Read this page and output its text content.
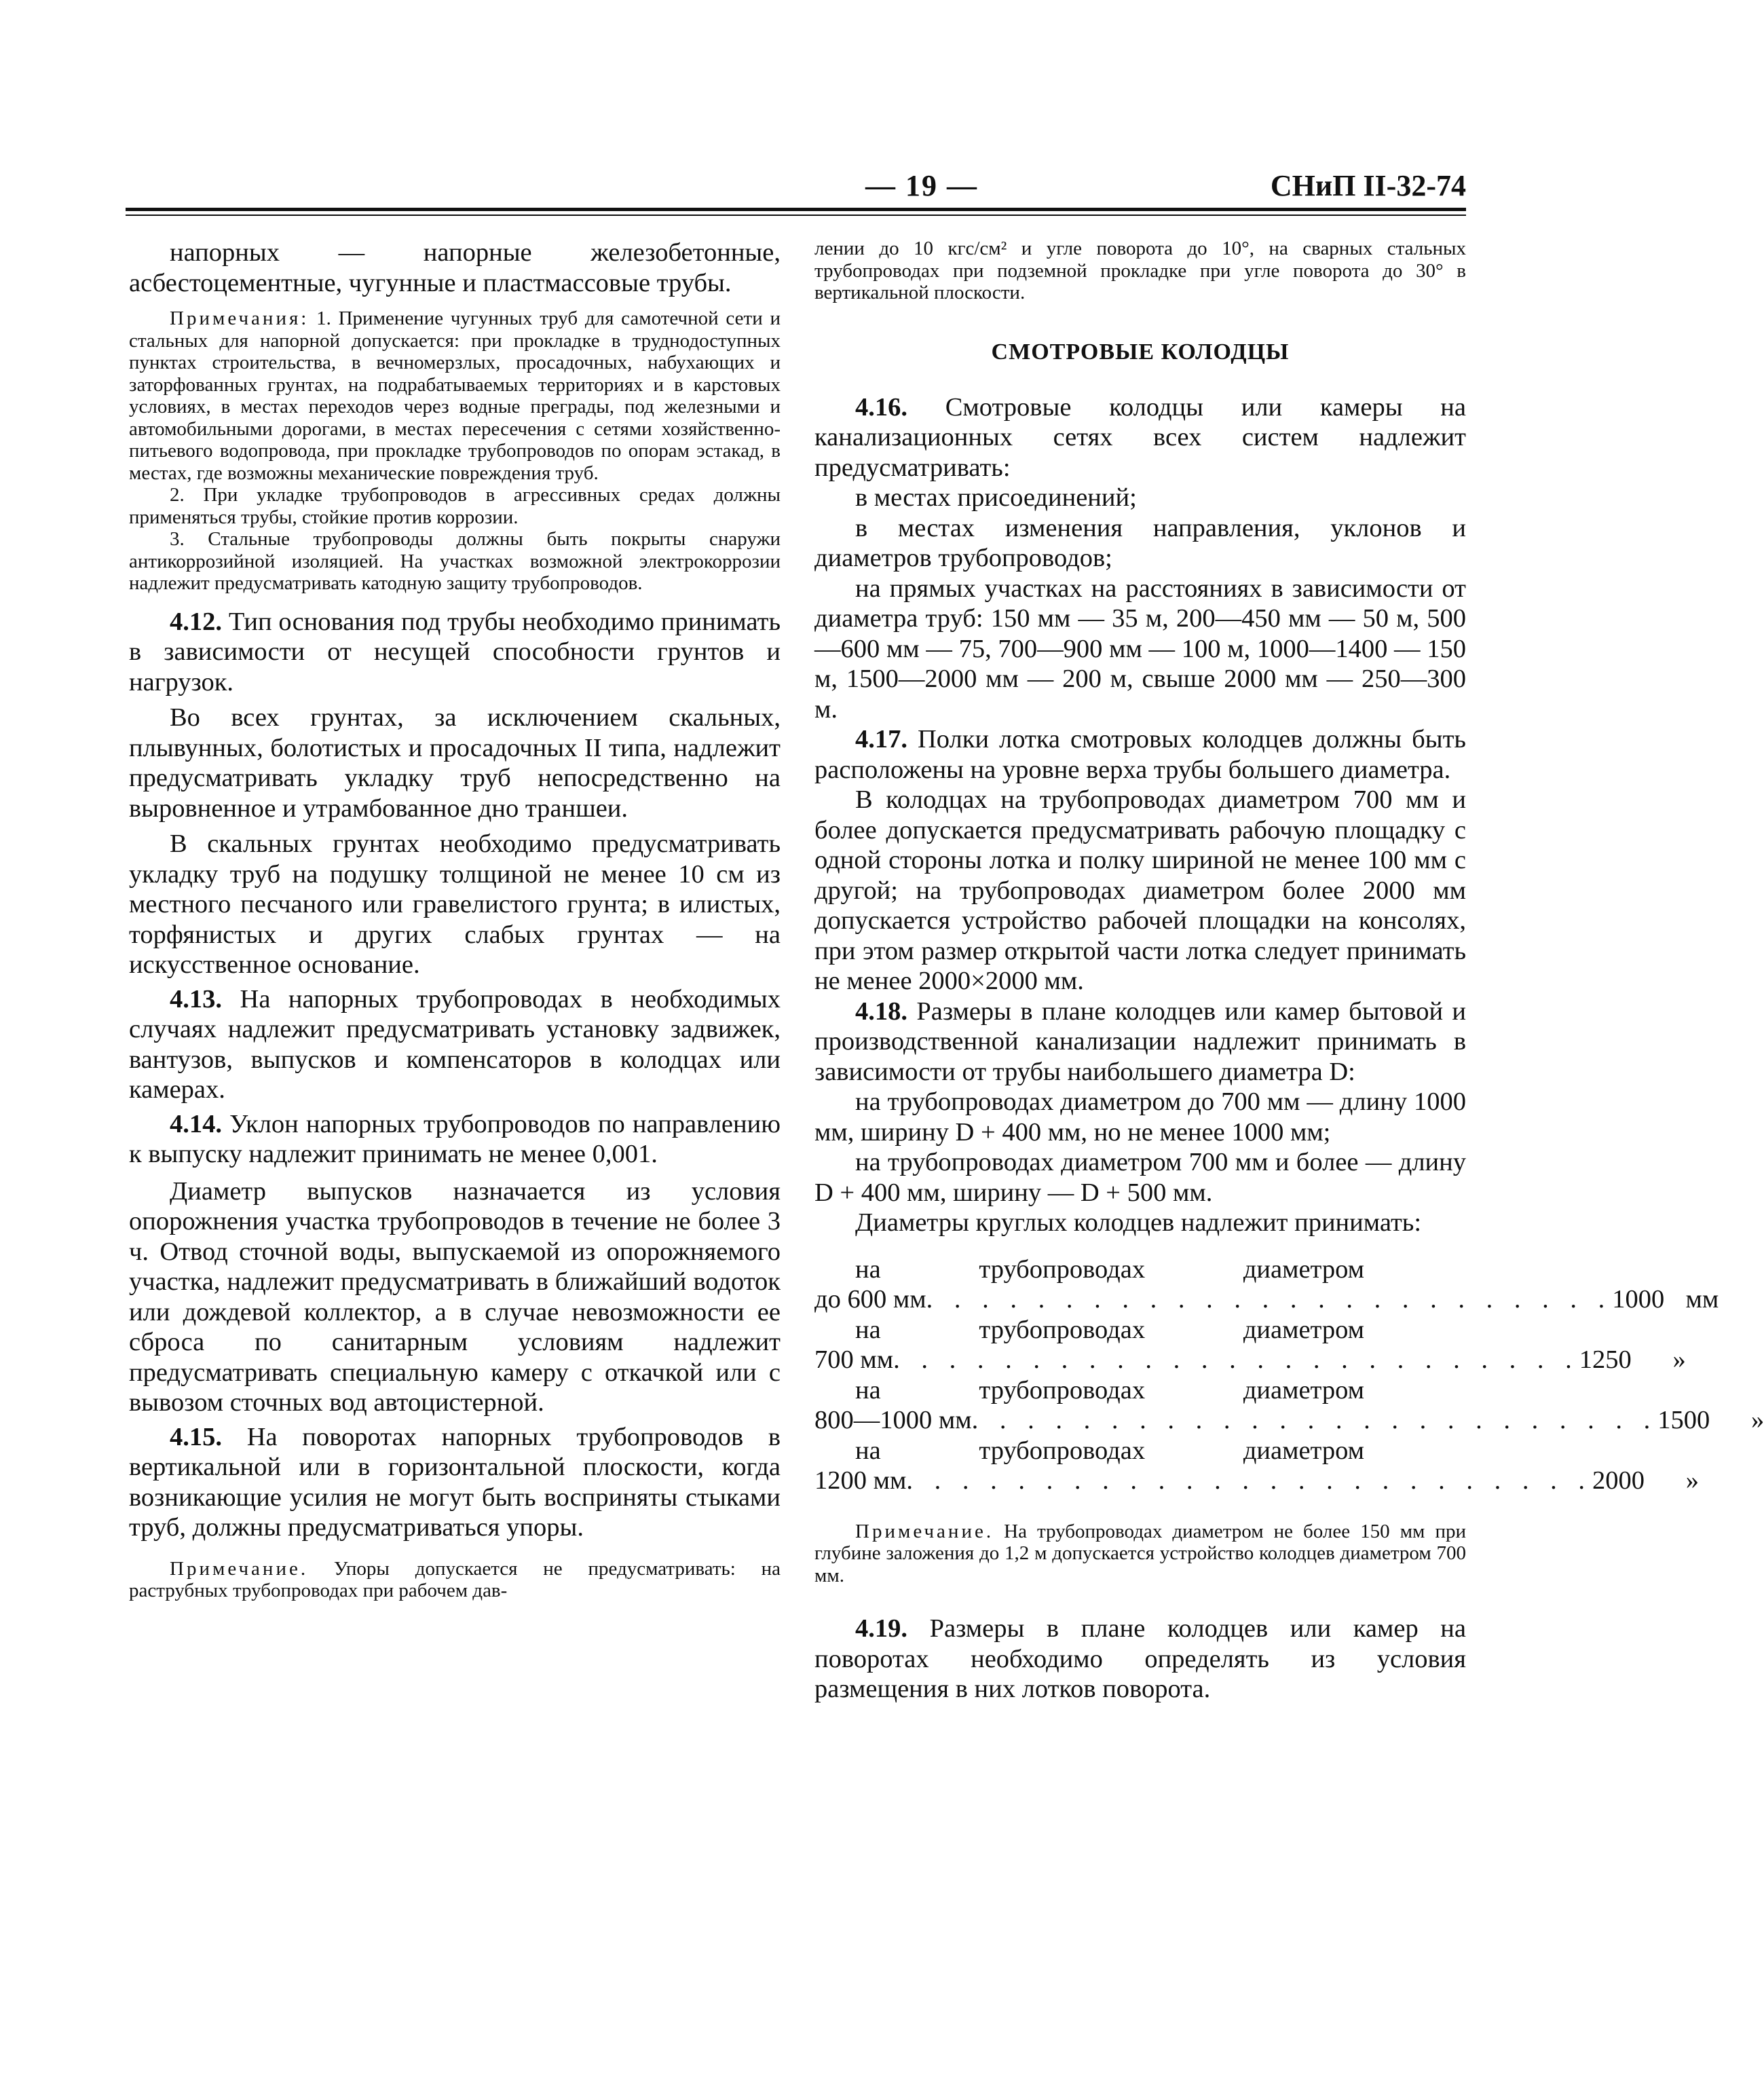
— 19 —	СНиП II-32-74

напорных — напорные железобетонные, асбестоцементные, чугунные и пластмассовые трубы.

Примечания: 1. Применение чугунных труб для самотечной сети и стальных для напорной допускается: при прокладке в труднодоступных пунктах строительства, в вечномерзлых, просадочных, набухающих и заторфованных грунтах, на подрабатываемых территориях и в карстовых условиях, в местах переходов через водные преграды, под железными и автомобильными дорогами, в местах пересечения с сетями хозяйственно-питьевого водопровода, при прокладке трубопроводов по опорам эстакад, в местах, где возможны механические повреждения труб.

2. При укладке трубопроводов в агрессивных средах должны применяться трубы, стойкие против коррозии.

3. Стальные трубопроводы должны быть покрыты снаружи антикоррозийной изоляцией. На участках возможной электрокоррозии надлежит предусматривать катодную защиту трубопроводов.

4.12. Тип основания под трубы необходимо принимать в зависимости от несущей способности грунтов и нагрузок.

Во всех грунтах, за исключением скальных, плывунных, болотистых и просадочных II типа, надлежит предусматривать укладку труб непосредственно на выровненное и утрамбованное дно траншеи.

В скальных грунтах необходимо предусматривать укладку труб на подушку толщиной не менее 10 см из местного песчаного или гравелистого грунта; в илистых, торфянистых и других слабых грунтах — на искусственное основание.

4.13. На напорных трубопроводах в необходимых случаях надлежит предусматривать установку задвижек, вантузов, выпусков и компенсаторов в колодцах или камерах.

4.14. Уклон напорных трубопроводов по направлению к выпуску надлежит принимать не менее 0,001.

Диаметр выпусков назначается из условия опорожнения участка трубопроводов в течение не более 3 ч. Отвод сточной воды, выпускаемой из опорожняемого участка, надлежит предусматривать в ближайший водоток или дождевой коллектор, а в случае невозможности ее сброса по санитарным условиям надлежит предусматривать специальную камеру с откачкой или с вывозом сточных вод автоцистерной.

4.15. На поворотах напорных трубопроводов в вертикальной или в горизонтальной плоскости, когда возникающие усилия не могут быть восприняты стыками труб, должны предусматриваться упоры.

Примечание. Упоры допускается не предусматривать: на раструбных трубопроводах при рабочем дав-

лении до 10 кгс/см² и угле поворота до 10°, на сварных стальных трубопроводах при подземной прокладке при угле поворота до 30° в вертикальной плоскости.

СМОТРОВЫЕ КОЛОДЦЫ

4.16. Смотровые колодцы или камеры на канализационных сетях всех систем надлежит предусматривать:

в местах присоединений;

в местах изменения направления, уклонов и диаметров трубопроводов;

на прямых участках на расстояниях в зависимости от диаметра труб: 150 мм — 35 м, 200—450 мм — 50 м, 500—600 мм — 75, 700—900 мм — 100 м, 1000—1400 — 150 м, 1500—2000 мм — 200 м, свыше 2000 мм — 250—300 м.

4.17. Полки лотка смотровых колодцев должны быть расположены на уровне верха трубы большего диаметра.

В колодцах на трубопроводах диаметром 700 мм и более допускается предусматривать рабочую площадку с одной стороны лотка и полку шириной не менее 100 мм с другой; на трубопроводах диаметром более 2000 мм допускается устройство рабочей площадки на консолях, при этом размер открытой части лотка следует принимать не менее 2000×2000 мм.

4.18. Размеры в плане колодцев или камер бытовой и производственной канализации надлежит принимать в зависимости от трубы наибольшего диаметра D:

на трубопроводах диаметром до 700 мм — длину 1000 мм, ширину D + 400 мм, но не менее 1000 мм;

на трубопроводах диаметром 700 мм и более — длину D + 400 мм, ширину — D + 500 мм.

Диаметры круглых колодцев надлежит принимать:

на	трубопроводах	диаметром
до 600 мм . . . . . . . . . . . . . . . . . . . . . . . . . 1000 мм
на	трубопроводах	диаметром
700 мм . . . . . . . . . . . . . . . . . . . . . . . . . 1250	»
на	трубопроводах	диаметром
800—1000 мм . . . . . . . . . . . . . . . . . . . . . . . . . 1500	»
на	трубопроводах	диаметром
1200 мм . . . . . . . . . . . . . . . . . . . . . . . . . 2000	»

Примечание. На трубопроводах диаметром не более 150 мм при глубине заложения до 1,2 м допускается устройство колодцев диаметром 700 мм.

4.19. Размеры в плане колодцев или камер на поворотах необходимо определять из условия размещения в них лотков поворота.
